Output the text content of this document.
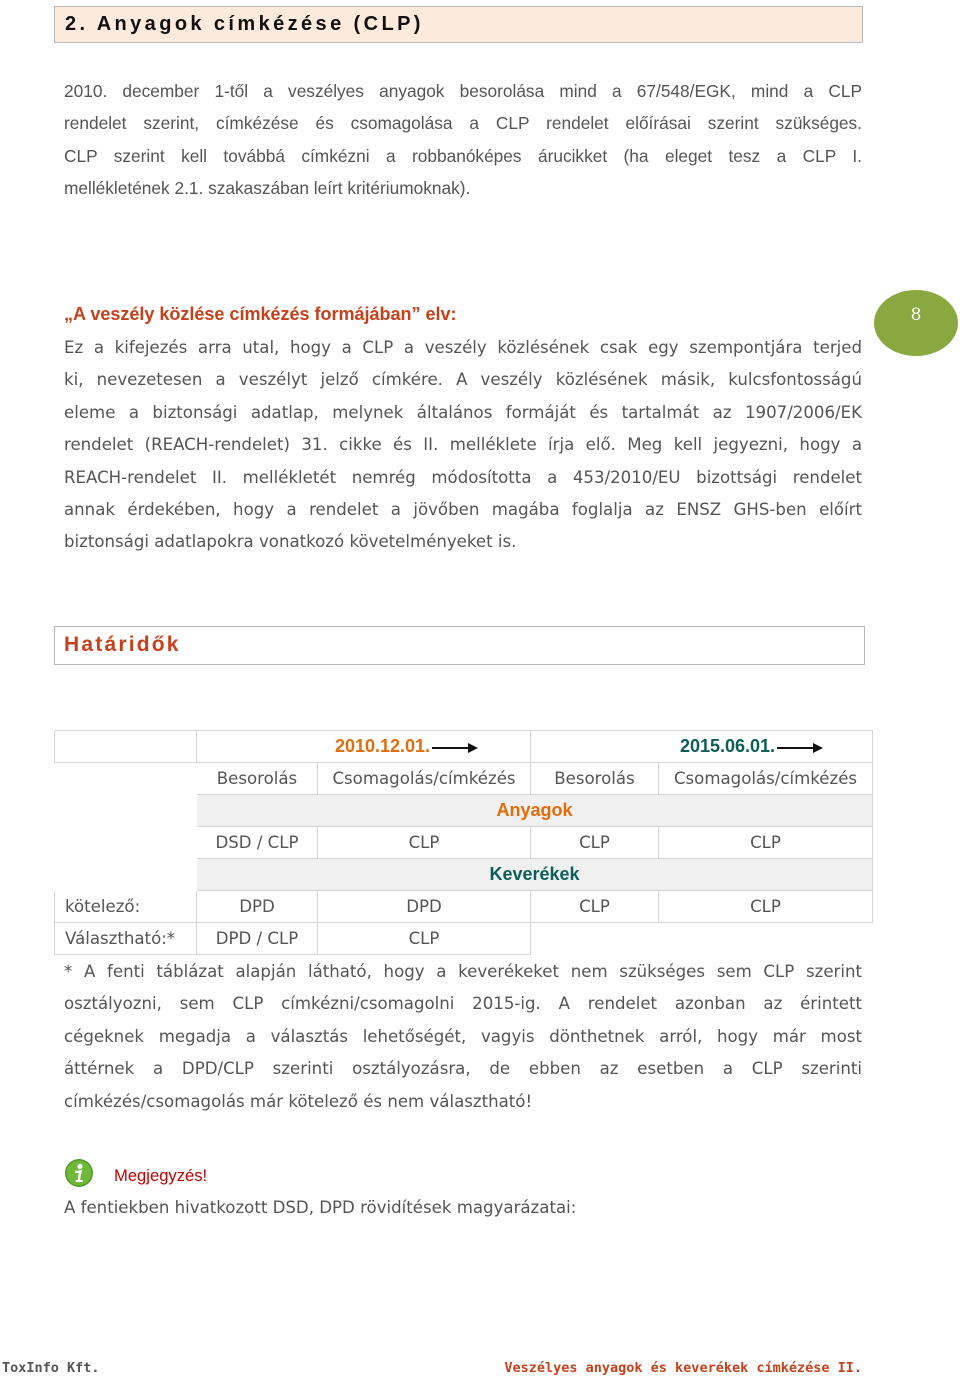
2. Anyagok címkézése (CLP)
2010. december 1-től a veszélyes anyagok besorolása mind a 67/548/EGK, mind a CLP
rendelet szerint, címkézése és csomagolása a CLP rendelet előírásai szerint szükséges.
CLP szerint kell továbbá címkézni a robbanóképes árucikket (ha eleget tesz a CLP I.
mellékletének 2.1. szakaszában leírt kritériumoknak).
„A veszély közlése címkézés formájában” elv:	8
Ez a kifejezés arra utal, hogy a CLP a veszély közlésének csak egy szempontjára terjed
ki, nevezetesen a veszélyt jelző címkére. A veszély közlésének másik, kulcsfontosságú
eleme a biztonsági adatlap, melynek általános formáját és tartalmát az 1907/2006/EK
rendelet (REACH-rendelet) 31. cikke és II. melléklete írja elő. Meg kell jegyezni, hogy a
REACH-rendelet II. mellékletét nemrég módosította a 453/2010/EU bizottsági rendelet
annak érdekében, hogy a rendelet a jövőben magába foglalja az ENSZ GHS-ben előírt
biztonsági adatlapokra vonatkozó követelményeket is.
Határidők
	2010.12.01.		2015.06.01.	
	Besorolás	Csomagolás/címkézés	Besorolás	Csomagolás/címkézés
	Anyagok			
	DSD / CLP	CLP	CLP	CLP
	Keverékek			
kötelező:	DPD	DPD	CLP	CLP
Választható:*	DPD / CLP	CLP		
* A fenti táblázat alapján látható, hogy a keverékeket nem szükséges sem CLP szerint
osztályozni, sem CLP címkézni/csomagolni 2015-ig. A rendelet azonban az érintett
cégeknek megadja a választás lehetőségét, vagyis dönthetnek arról, hogy már most
áttérnek a DPD/CLP szerinti osztályozásra, de ebben az esetben a CLP szerinti
címkézés/csomagolás már kötelező és nem választható!
Megjegyzés!
A fentiekben hivatkozott DSD, DPD rövidítések magyarázatai:
ToxInfo Kft.	Veszélyes anyagok és keverékek címkézése II.
